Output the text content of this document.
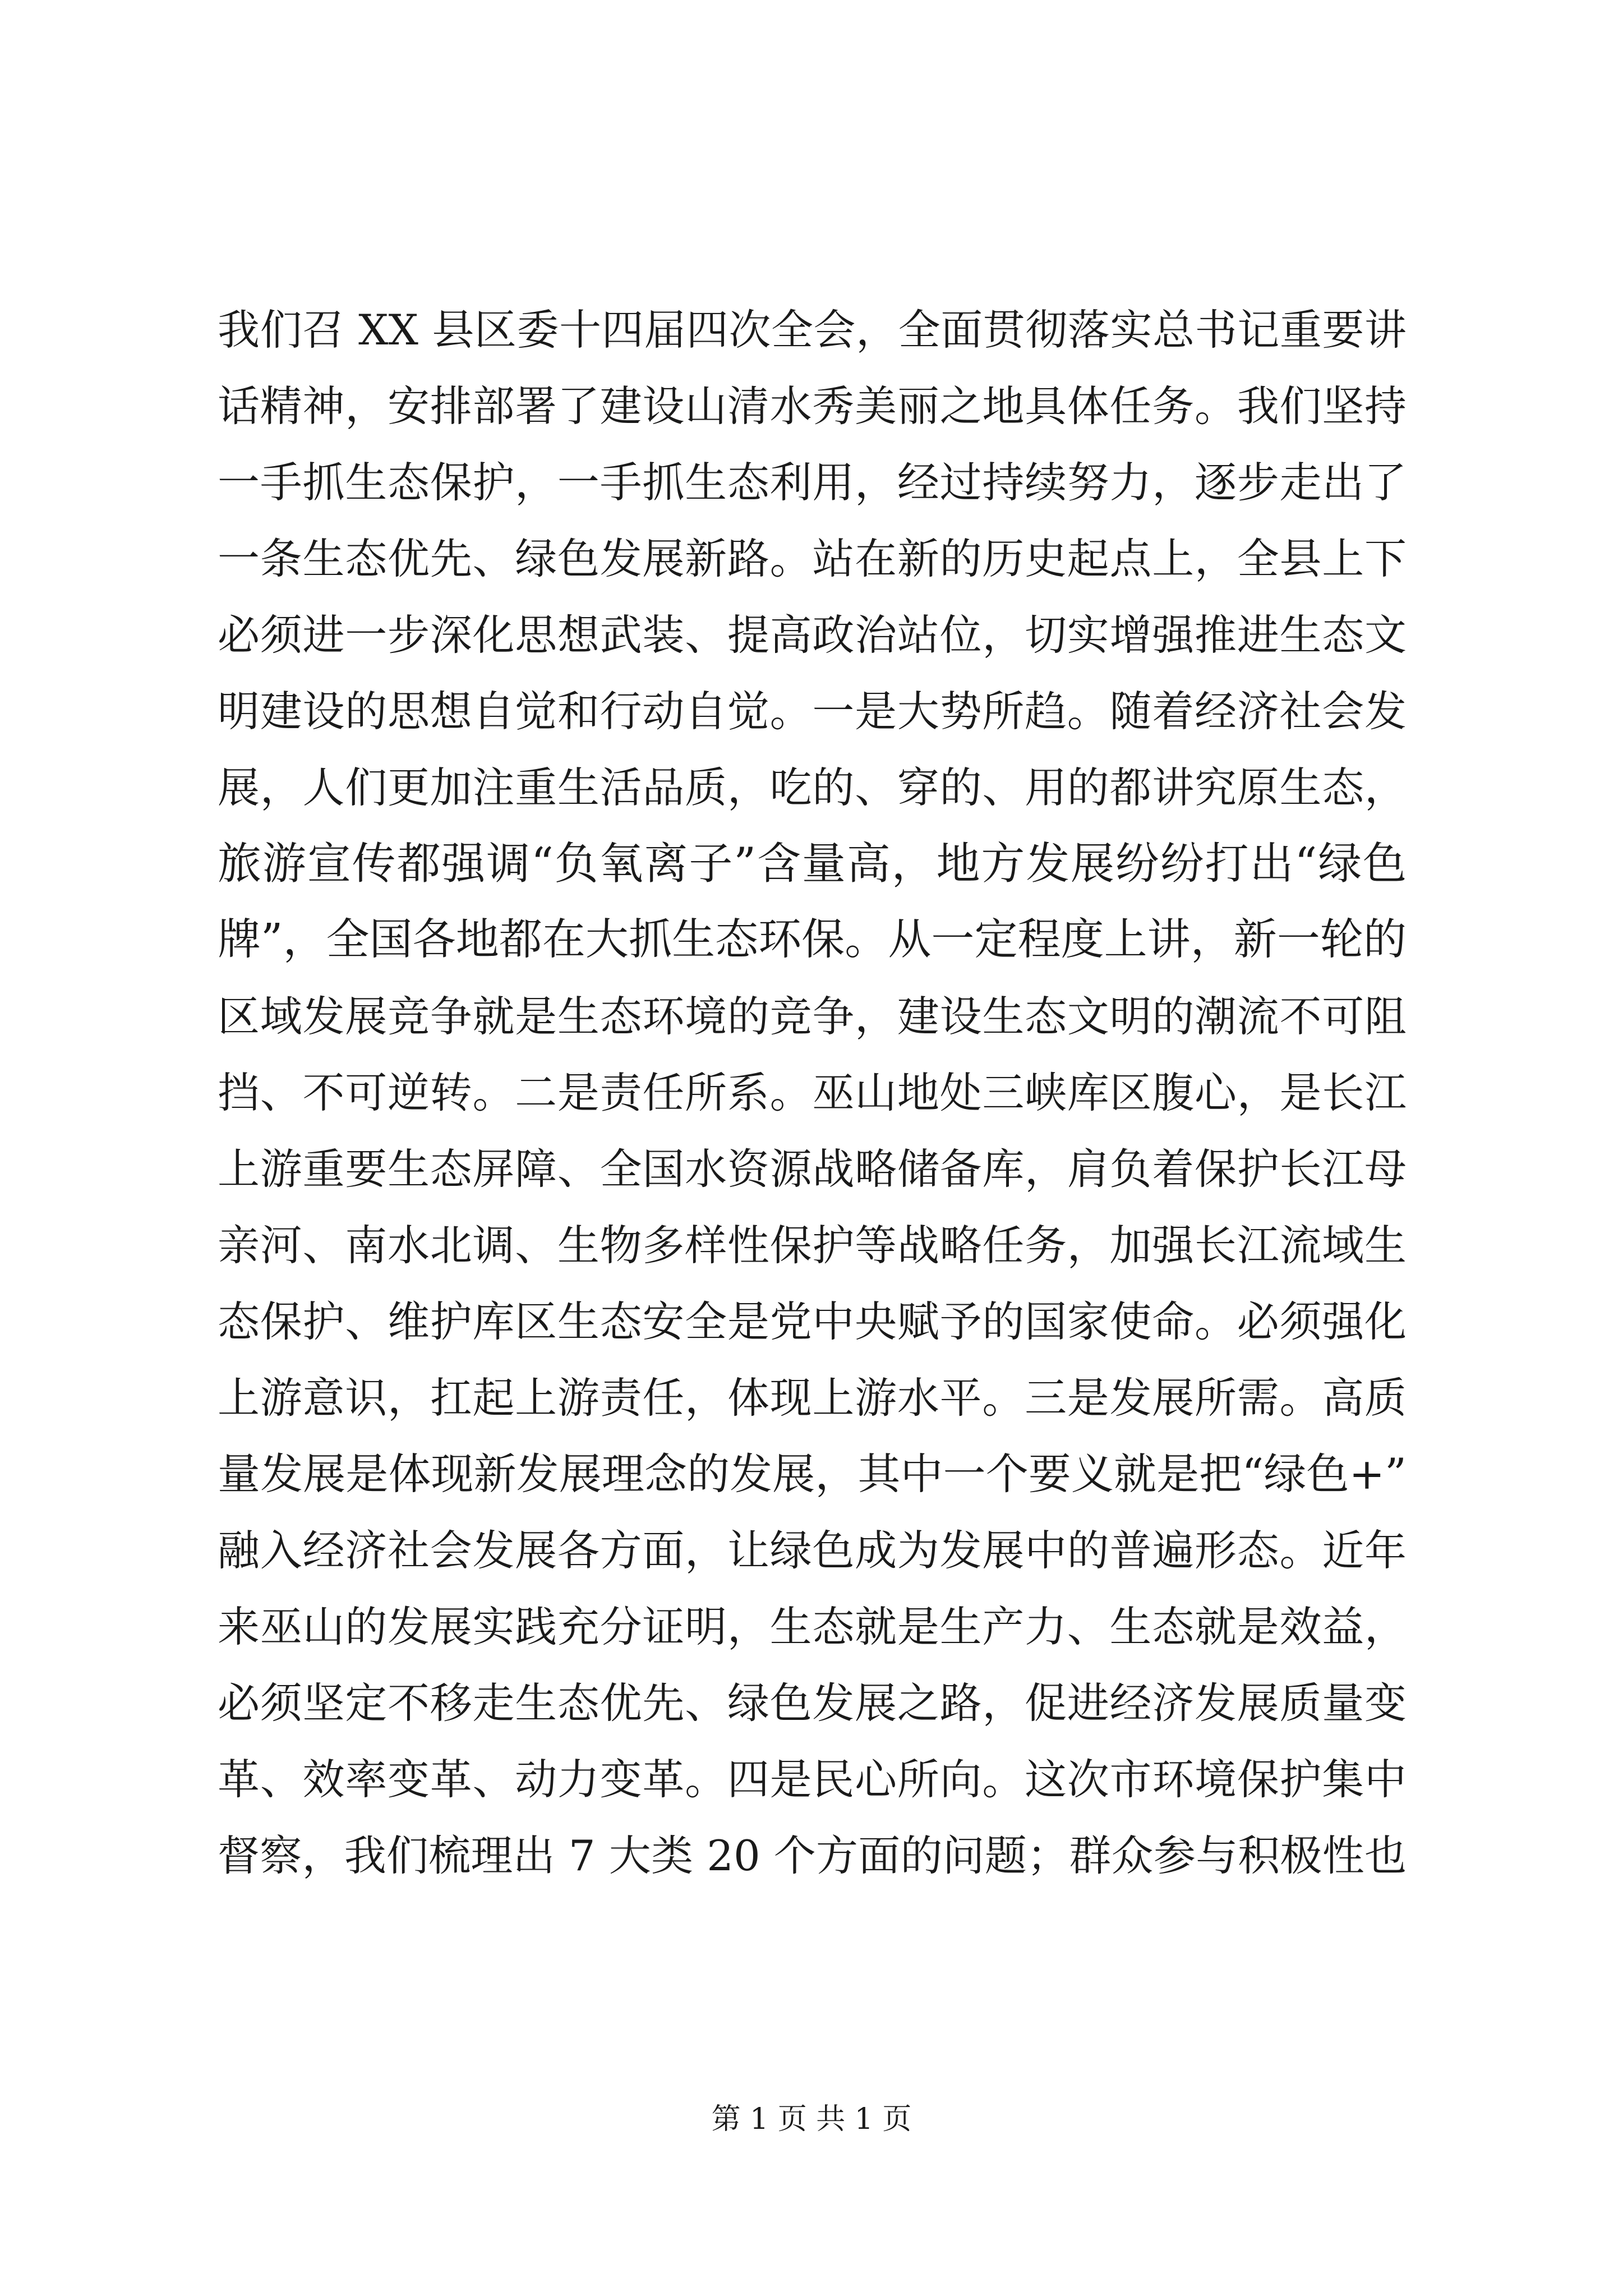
我们召 XX 县区委十四届四次全会，全面贯彻落实总书记重要讲
话精神，安排部署了建设山清水秀美丽之地具体任务。我们坚持
一手抓生态保护，一手抓生态利用，经过持续努力，逐步走出了
一条生态优先、绿色发展新路。站在新的历史起点上，全县上下
必须进一步深化思想武装、提高政治站位，切实增强推进生态文
明建设的思想自觉和行动自觉。一是大势所趋。随着经济社会发
展，人们更加注重生活品质，吃的、穿的、用的都讲究原生态，
旅游宣传都强调“负氧离子”含量高，地方发展纷纷打出“绿色
牌”，全国各地都在大抓生态环保。从一定程度上讲，新一轮的
区域发展竞争就是生态环境的竞争，建设生态文明的潮流不可阻
挡、不可逆转。二是责任所系。巫山地处三峡库区腹心，是长江
上游重要生态屏障、全国水资源战略储备库，肩负着保护长江母
亲河、南水北调、生物多样性保护等战略任务，加强长江流域生
态保护、维护库区生态安全是党中央赋予的国家使命。必须强化
上游意识，扛起上游责任，体现上游水平。三是发展所需。高质
量发展是体现新发展理念的发展，其中一个要义就是把“绿色+”
融入经济社会发展各方面，让绿色成为发展中的普遍形态。近年
来巫山的发展实践充分证明，生态就是生产力、生态就是效益，
必须坚定不移走生态优先、绿色发展之路，促进经济发展质量变
革、效率变革、动力变革。四是民心所向。这次市环境保护集中
督察，我们梳理出 7 大类 20 个方面的问题；群众参与积极性也
第 1 页 共 1 页
